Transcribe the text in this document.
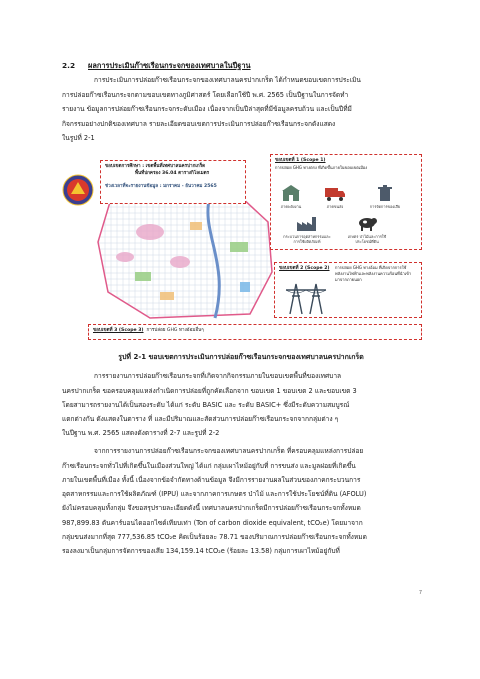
2.2 ผลการประเมินก๊าซเรือนกระจกของเทศบาลในปีฐาน
การประเมินการปล่อยก๊าซเรือนกระจกของเทศบาลนครปากเกร็ด ได้กำหนดขอบเขตการประเมิน
การปล่อยก๊าซเรือนกระจกตามขอบเขตทางภูมิศาสตร์ โดยเลือกใช้ปี พ.ศ. 2565 เป็นปีฐานในการจัดทำ
รายงาน ข้อมูลการปล่อยก๊าซเรือนกระจกระดับเมือง เนื่องจากเป็นปีล่าสุดที่มีข้อมูลครบถ้วน และเป็นปีที่มี
กิจกรรมอย่างปกติของเทศบาล รายละเอียดขอบเขตการประเมินการปล่อยก๊าซเรือนกระจกดังแสดง
ในรูปที่ 2-1
ขอบเขตการศึกษา : เขตพื้นที่เทศบาลนครปากเกร็ด
พื้นที่ปกครอง 36.04 ตารางกิโลเมตร
ช่วงเวลาที่จะรายงานข้อมูล : มกราคม - ธันวาคม 2565
ขอบเขตที่ 1 (Scope 1)
การปล่อย GHG ทางตรง ที่เกิดขึ้นภายในขอบเขตเมือง
ภาคพลังงาน	ภาคขนส่ง	การจัดการของเสีย
กระบวนการอุตสาหกรรมและการใช้ผลิตภัณฑ์
เกษตร ป่าไม้และการใช้ประโยชน์ที่ดิน
ขอบเขตที่ 2 (Scope 2) การปล่อย GHG ทางอ้อม ที่เกิดจากการใช้พลังงานไฟฟ้าและพลังงานความร้อนที่นำเข้ามาจากภายนอก
ขอบเขตที่ 3 (Scope 3) การปล่อย GHG ทางอ้อมอื่นๆ
รูปที่ 2-1 ขอบเขตการประเมินการปล่อยก๊าซเรือนกระจกของเทศบาลนครปากเกร็ด
การรายงานการปล่อยก๊าซเรือนกระจกที่เกิดจากกิจกรรมภายในขอบเขตพื้นที่ของเทศบาล
นครปากเกร็ด ขอครอบคลุมแหล่งกำเนิดการปล่อยที่ถูกคัดเลือกจาก ขอบเขต 1 ขอบเขต 2 และขอบเขต 3
โดยสามารถรายงานได้เป็นสองระดับ ได้แก่ ระดับ BASIC และ ระดับ BASIC+ ซึ่งมีระดับความสมบูรณ์
แตกต่างกัน ดังแสดงในตาราง ที่ และมีปริมาณและสัดส่วนการปล่อยก๊าซเรือนกระจกจากกลุ่มต่าง ๆ
ในปีฐาน พ.ศ. 2565 แสดงดังตารางที่ 2-7 และรูปที่ 2-2
จากการรายงานการปล่อยก๊าซเรือนกระจกของเทศบาลนครปากเกร็ด ที่ครอบคลุมแหล่งการปล่อย
ก๊าซเรือนกระจกทั่วไปที่เกิดขึ้นในเมืองส่วนใหญ่ ได้แก่ กลุ่มเผาไหม้อยู่กับที่ การขนส่ง และมูลฝอยที่เกิดขึ้น
ภายในเขตพื้นที่เมือง ทั้งนี้ เนื่องจากข้อจำกัดทางด้านข้อมูล จึงมีการรายงานผลในส่วนของภาคกระบวนการ
อุตสาหกรรมและการใช้ผลิตภัณฑ์ (IPPU) และจากภาคการเกษตร ป่าไม้ และการใช้ประโยชน์ที่ดิน (AFOLU)
ยังไม่ครอบคลุมทั้งกลุ่ม จึงขอสรุปรายละเอียดดังนี้ เทศบาลนครปากเกร็ดมีการปล่อยก๊าซเรือนกระจกทั้งหมด
987,899.83 ตันคาร์บอนไดออกไซด์เทียบเท่า (Ton of carbon dioxide equivalent, tCO₂e) โดยมาจาก
กลุ่มขนส่งมากที่สุด 777,536.85 tCO₂e คิดเป็นร้อยละ 78.71 ของปริมาณการปล่อยก๊าซเรือนกระจกทั้งหมด
รองลงมาเป็นกลุ่มการจัดการของเสีย 134,159.14 tCO₂e (ร้อยละ 13.58) กลุ่มการเผาไหม้อยู่กับที่
7
